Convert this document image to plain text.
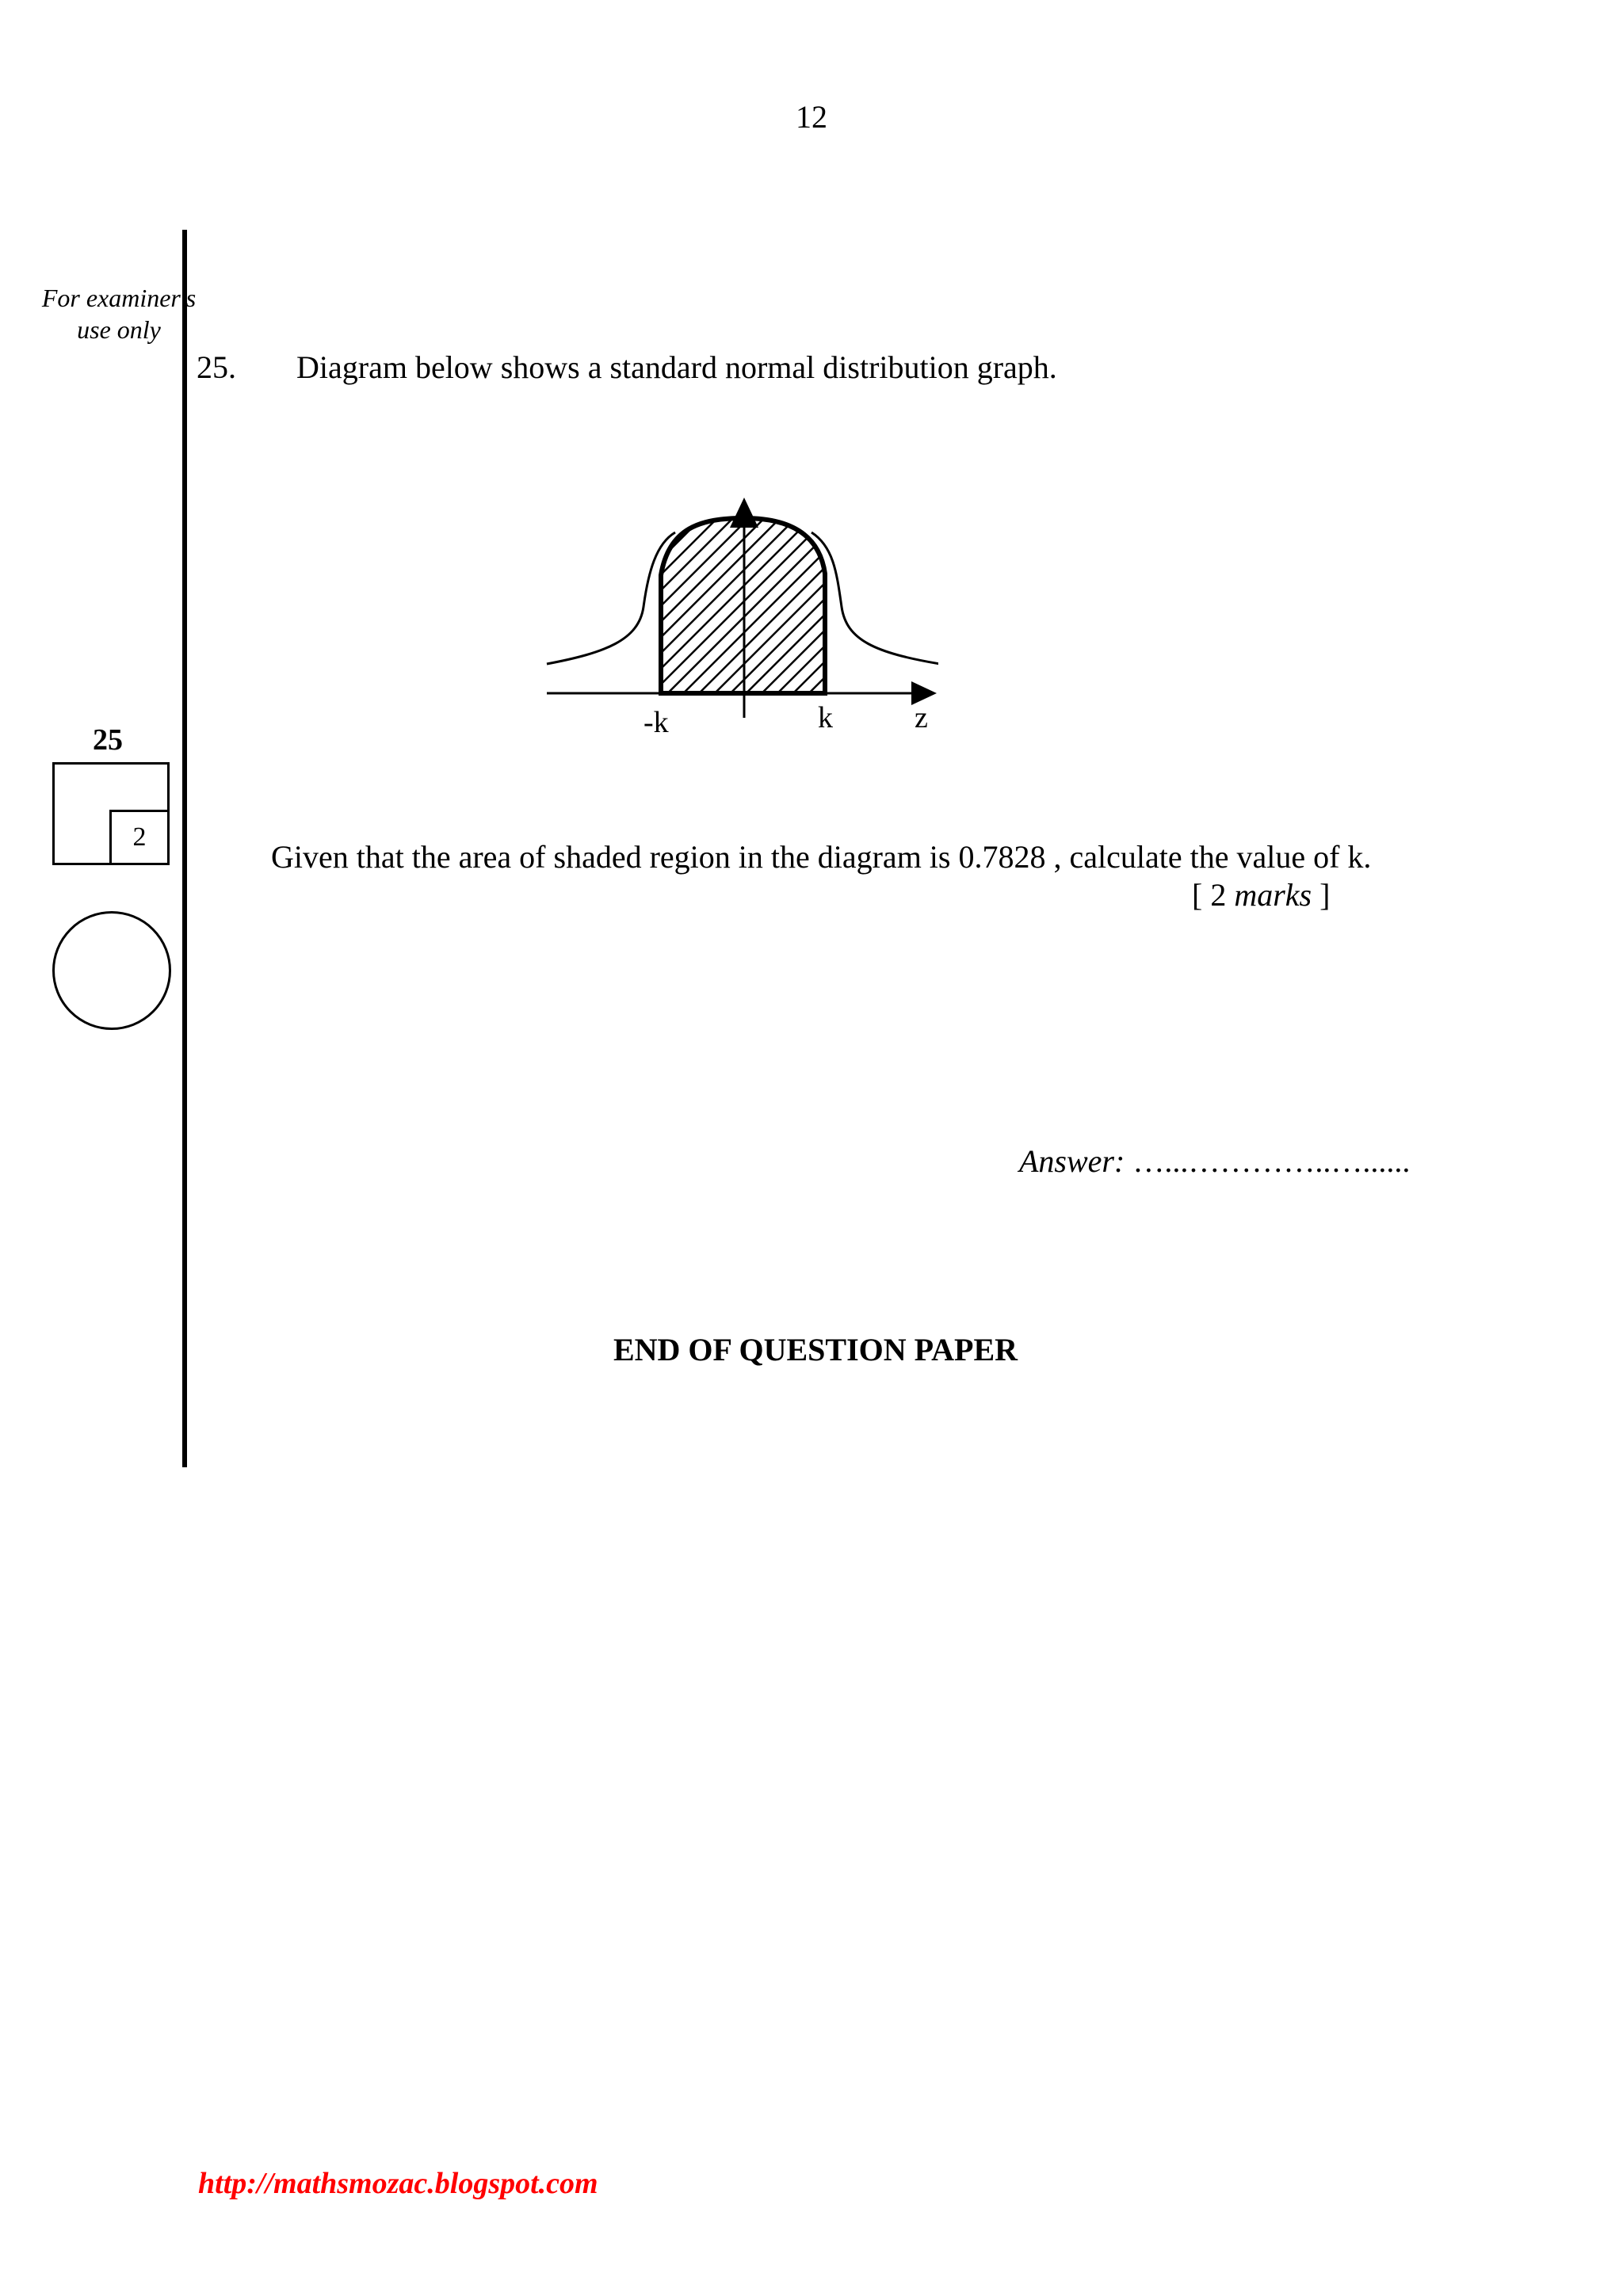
12
For examiner's
use only
25. Diagram below shows a standard normal distribution graph.
-k	k	z
25
2
Given that the area of shaded region in the diagram is 0.7828 , calculate the value of k.
[ 2 marks ]
Answer: …...…………..…......
END OF QUESTION PAPER
http://mathsmozac.blogspot.com
